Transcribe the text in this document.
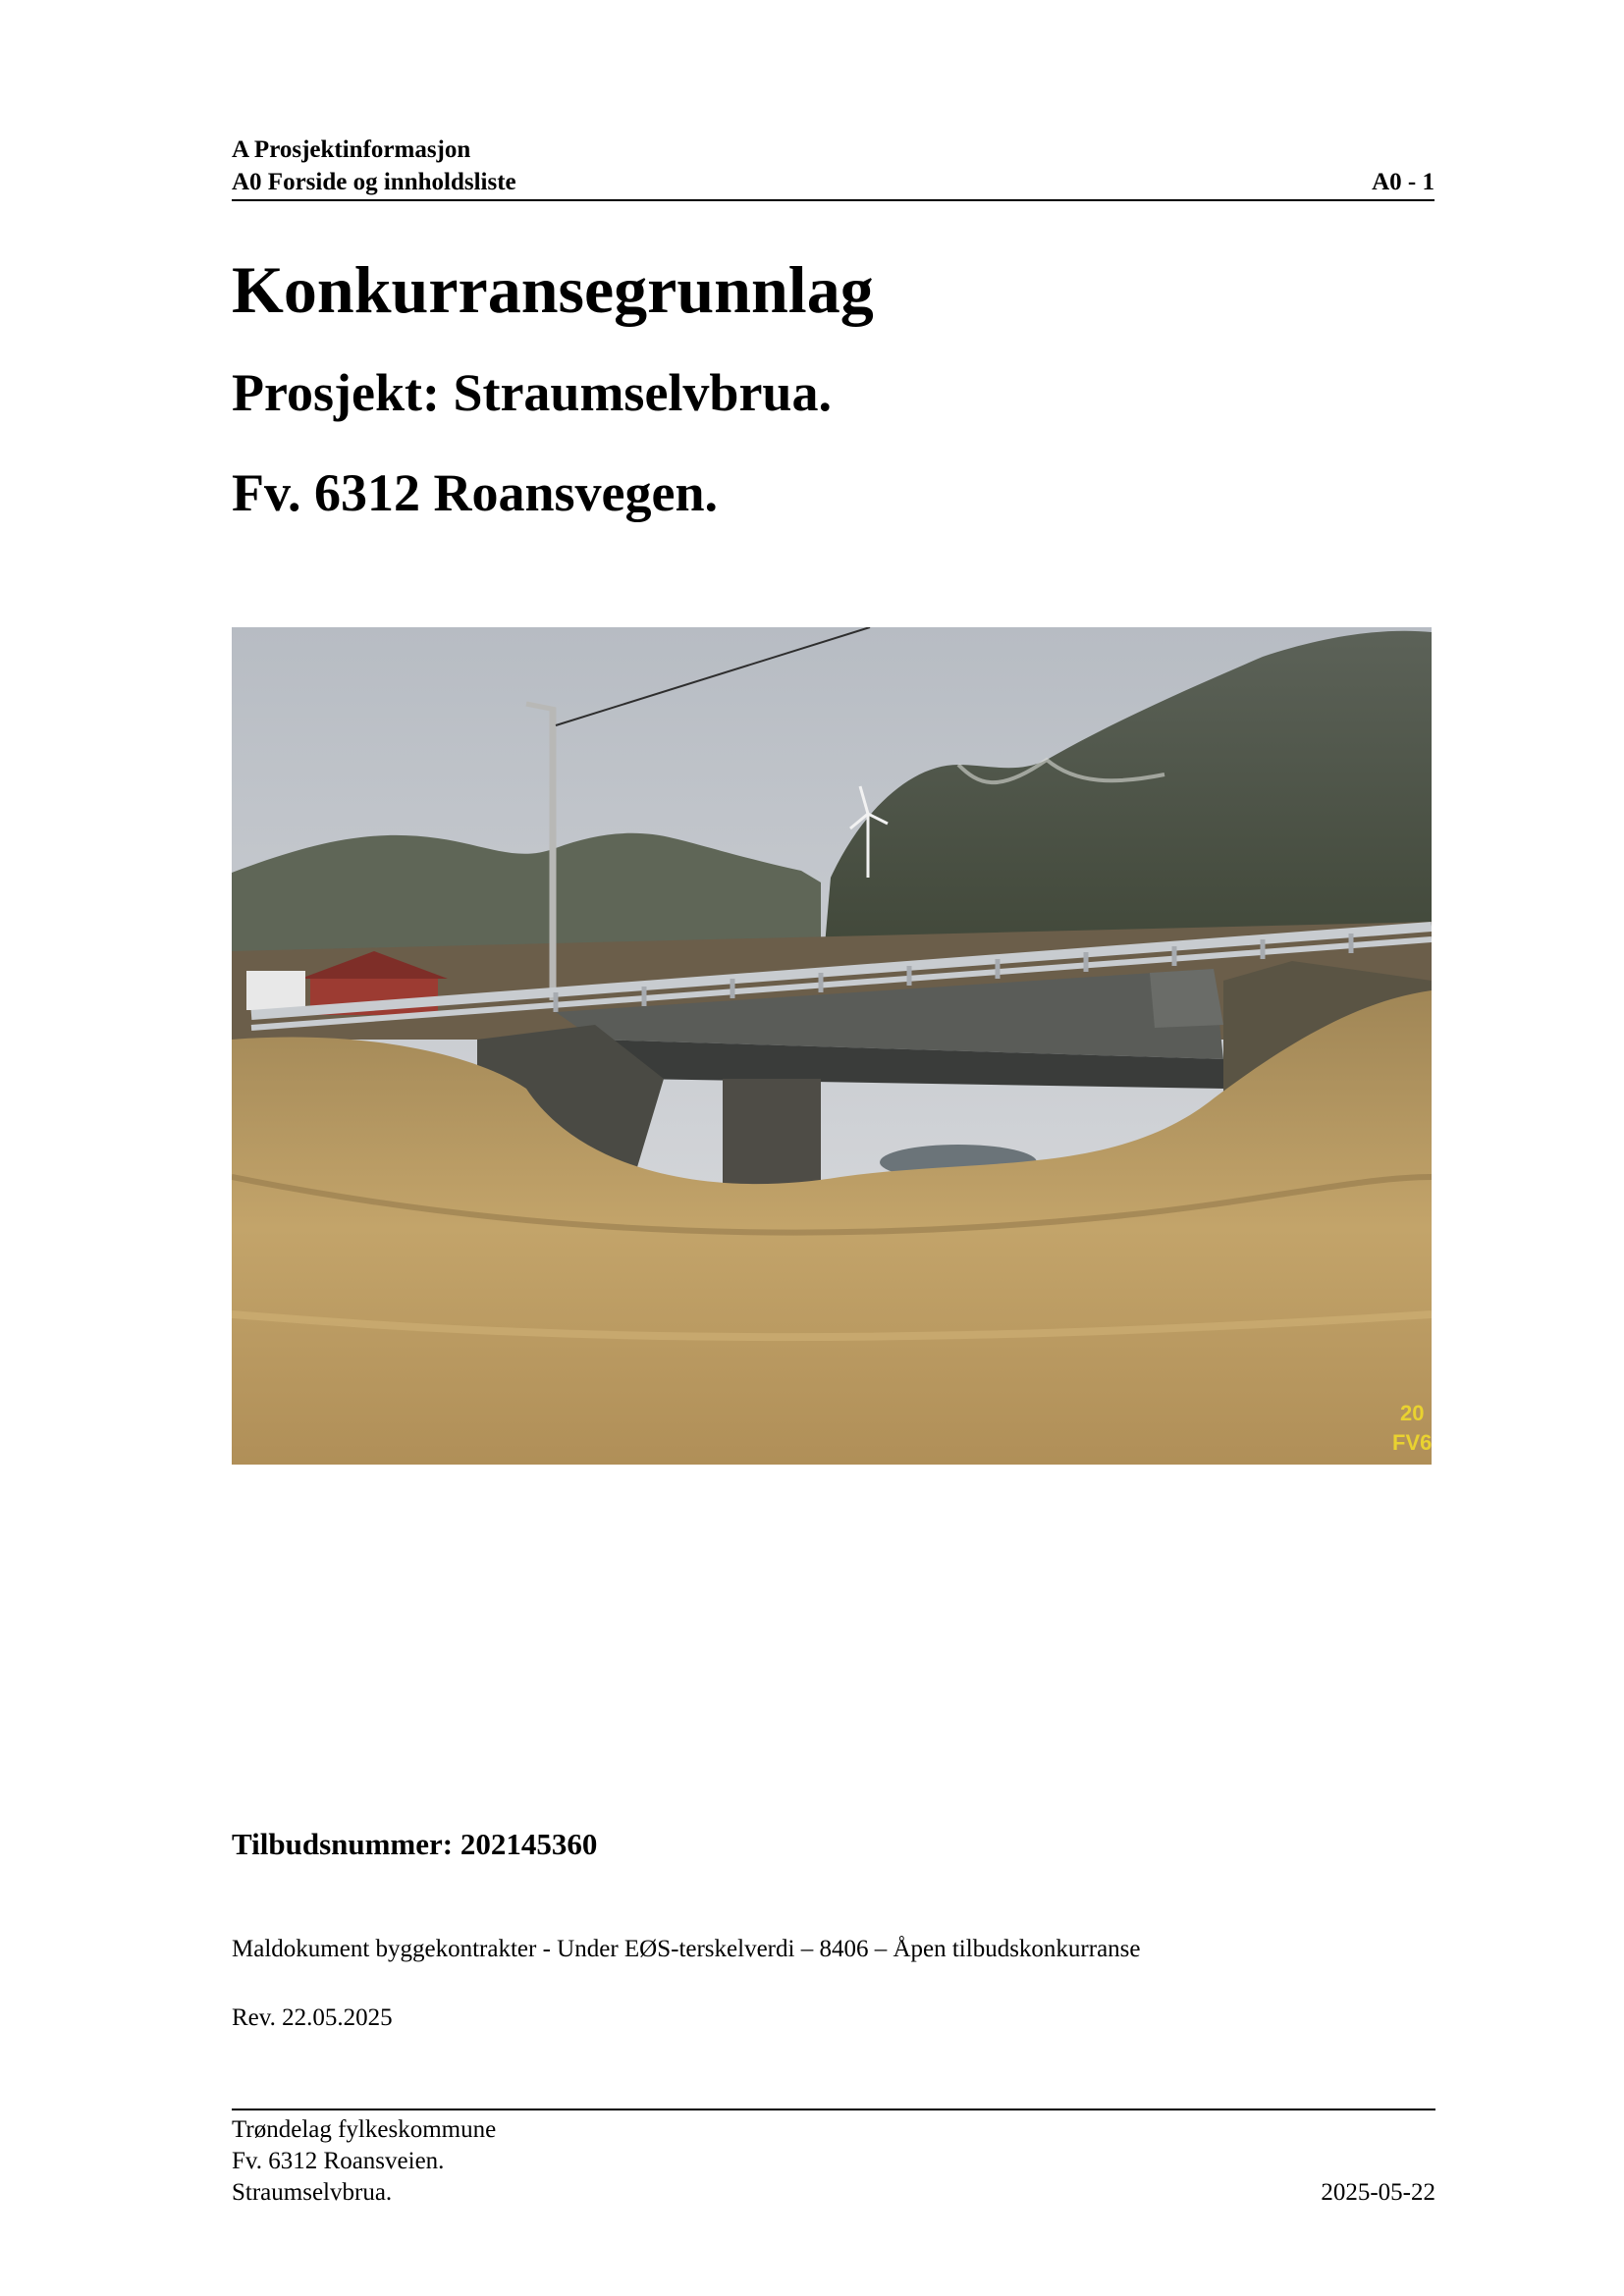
A Prosjektinformasjon
A0 Forside og innholdsliste	A0 - 1
Konkurransegrunnlag
Prosjekt: Straumselvbrua.
Fv. 6312 Roansvegen.
20
FV6
Tilbudsnummer: 202145360
Maldokument byggekontrakter - Under EØS-terskelverdi – 8406 – Åpen tilbudskonkurranse
Rev. 22.05.2025
Trøndelag fylkeskommune
Fv. 6312 Roansveien.
Straumselvbrua.	2025-05-22
